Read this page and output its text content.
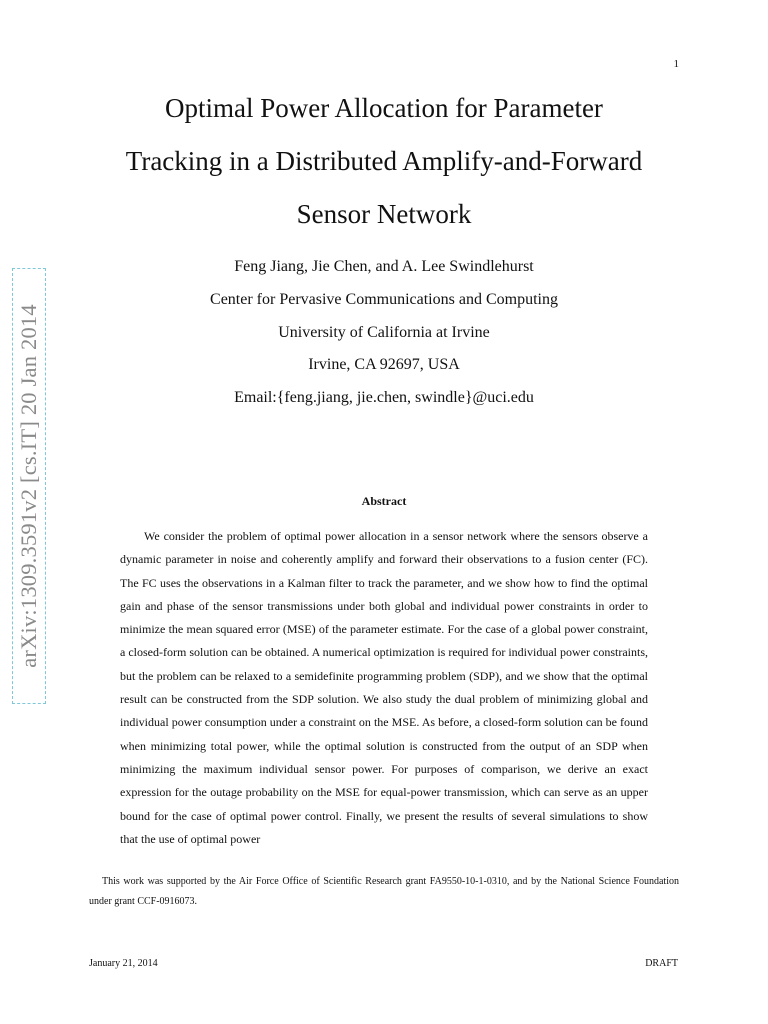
1
arXiv:1309.3591v2 [cs.IT] 20 Jan 2014
Optimal Power Allocation for Parameter
Tracking in a Distributed Amplify-and-Forward
Sensor Network
Feng Jiang, Jie Chen, and A. Lee Swindlehurst
Center for Pervasive Communications and Computing
University of California at Irvine
Irvine, CA 92697, USA
Email:{feng.jiang, jie.chen, swindle}@uci.edu
Abstract

We consider the problem of optimal power allocation in a sensor network where the sensors observe a dynamic parameter in noise and coherently amplify and forward their observations to a fusion center (FC). The FC uses the observations in a Kalman filter to track the parameter, and we show how to find the optimal gain and phase of the sensor transmissions under both global and individual power constraints in order to minimize the mean squared error (MSE) of the parameter estimate. For the case of a global power constraint, a closed-form solution can be obtained. A numerical optimization is required for individual power constraints, but the problem can be relaxed to a semidefinite programming problem (SDP), and we show that the optimal result can be constructed from the SDP solution. We also study the dual problem of minimizing global and individual power consumption under a constraint on the MSE. As before, a closed-form solution can be found when minimizing total power, while the optimal solution is constructed from the output of an SDP when minimizing the maximum individual sensor power. For purposes of comparison, we derive an exact expression for the outage probability on the MSE for equal-power transmission, which can serve as an upper bound for the case of optimal power control. Finally, we present the results of several simulations to show that the use of optimal power

This work was supported by the Air Force Office of Scientific Research grant FA9550-10-1-0310, and by the National Science Foundation under grant CCF-0916073.

January 21, 2014	DRAFT
